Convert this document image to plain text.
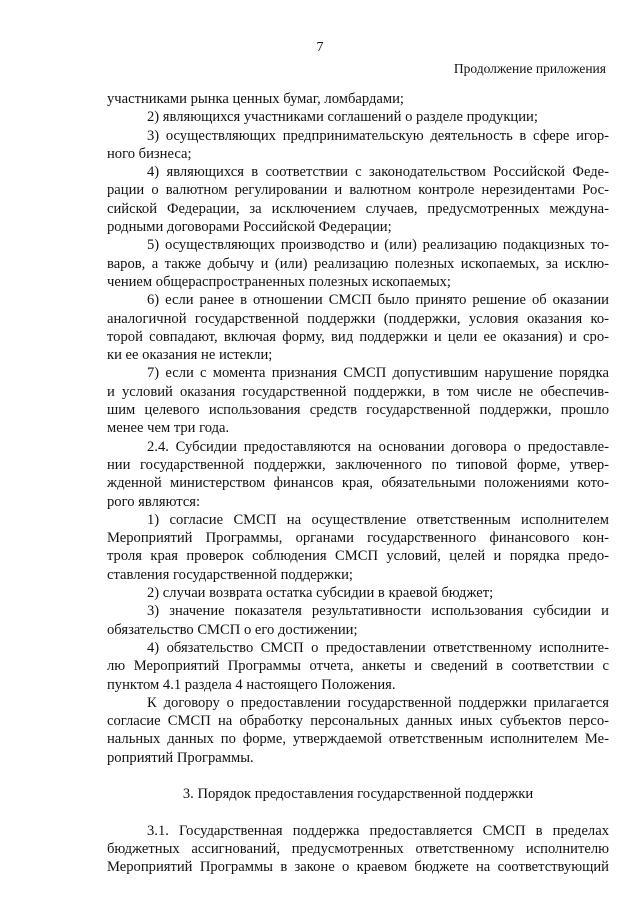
7
Продолжение приложения
участниками рынка ценных бумаг, ломбардами;
2) являющихся участниками соглашений о разделе продукции;
3) осуществляющих предпринимательскую деятельность в сфере игор-
ного бизнеса;
4) являющихся в соответствии с законодательством Российской Феде-
рации о валютном регулировании и валютном контроле нерезидентами Рос-
сийской Федерации, за исключением случаев, предусмотренных междуна-
родными договорами Российской Федерации;
5) осуществляющих производство и (или) реализацию подакцизных то-
варов, а также добычу и (или) реализацию полезных ископаемых, за исклю-
чением общераспространенных полезных ископаемых;
6) если ранее в отношении СМСП было принято решение об оказании
аналогичной государственной поддержки (поддержки, условия оказания ко-
торой совпадают, включая форму, вид поддержки и цели ее оказания) и сро-
ки ее оказания не истекли;
7) если с момента признания СМСП допустившим нарушение порядка
и условий оказания государственной поддержки, в том числе не обеспечив-
шим целевого использования средств государственной поддержки, прошло
менее чем три года.
2.4. Субсидии предоставляются на основании договора о предоставле-
нии государственной поддержки, заключенного по типовой форме, утвер-
жденной министерством финансов края, обязательными положениями кото-
рого являются:
1) согласие СМСП на осуществление ответственным исполнителем
Мероприятий Программы, органами государственного финансового кон-
троля края проверок соблюдения СМСП условий, целей и порядка предо-
ставления государственной поддержки;
2) случаи возврата остатка субсидии в краевой бюджет;
3) значение показателя результативности использования субсидии и
обязательство СМСП о его достижении;
4) обязательство СМСП о предоставлении ответственному исполните-
лю Мероприятий Программы отчета, анкеты и сведений в соответствии с
пунктом 4.1 раздела 4 настоящего Положения.
К договору о предоставлении государственной поддержки прилагается
согласие СМСП на обработку персональных данных иных субъектов персо-
нальных данных по форме, утверждаемой ответственным исполнителем Ме-
роприятий Программы.
3. Порядок предоставления государственной поддержки
3.1. Государственная поддержка предоставляется СМСП в пределах
бюджетных ассигнований, предусмотренных ответственному исполнителю
Мероприятий Программы в законе о краевом бюджете на соответствующий
